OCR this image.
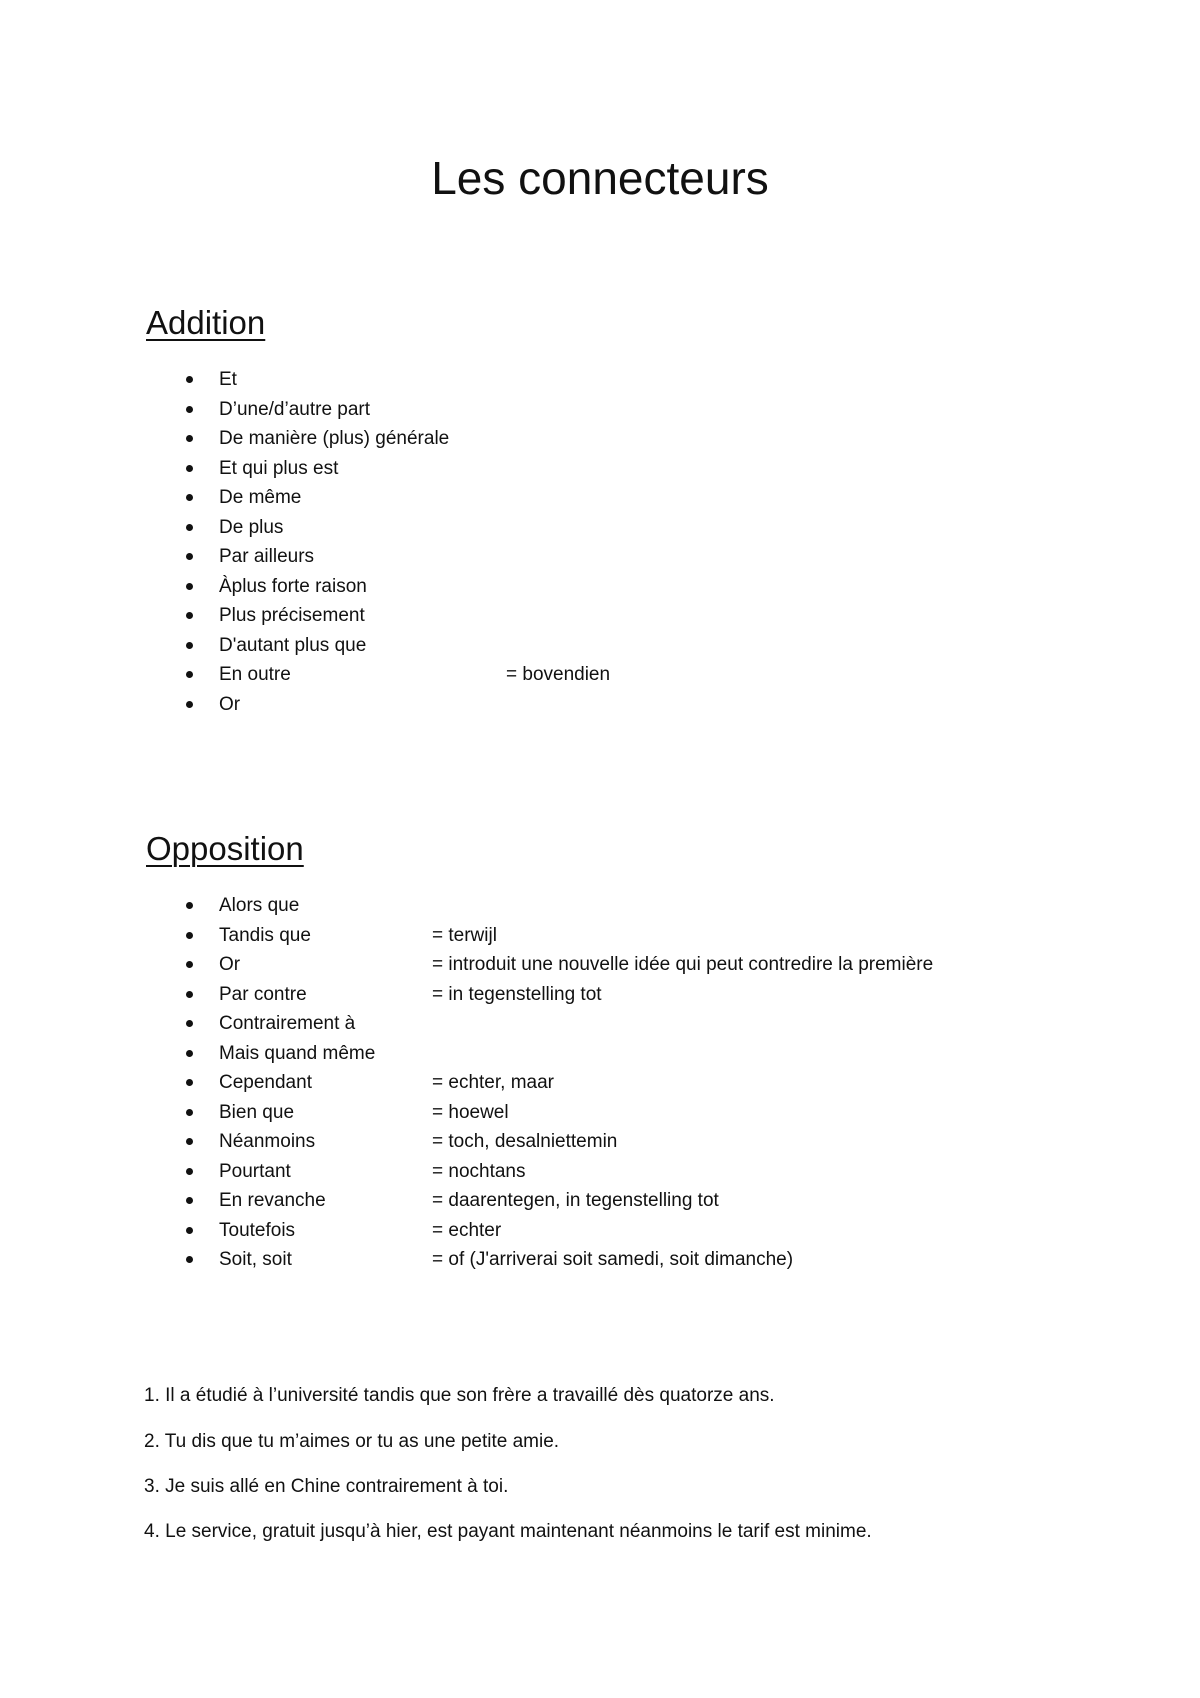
Les connecteurs
Addition
Et
D’une/d’autre part
De manière (plus) générale
Et qui plus est
De même
De plus
Par ailleurs
Àplus forte raison
Plus précisement
D'autant plus que
En outre	= bovendien
Or
Opposition
Alors que
Tandis que	= terwijl
Or	= introduit une nouvelle idée qui peut contredire la première
Par contre	= in tegenstelling tot
Contrairement à
Mais quand même
Cependant	= echter, maar
Bien que	= hoewel
Néanmoins	= toch, desalniettemin
Pourtant	= nochtans
En revanche	= daarentegen, in tegenstelling tot
Toutefois	= echter
Soit, soit	= of (J'arriverai soit samedi, soit dimanche)
1. Il a étudié à l’université tandis que son frère a travaillé dès quatorze ans.
2. Tu dis que tu m’aimes or tu as une petite amie.
3. Je suis allé en Chine contrairement à toi.
4. Le service, gratuit jusqu’à hier, est payant maintenant néanmoins le tarif est minime.
